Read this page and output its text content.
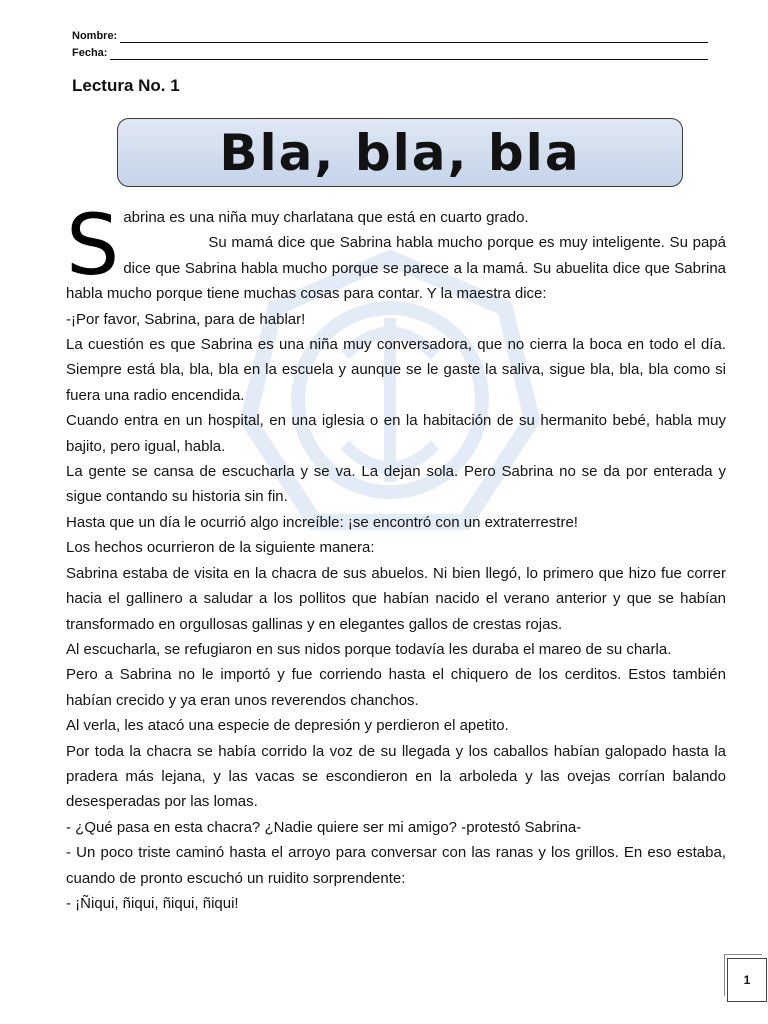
Nombre:
Fecha:
Lectura No. 1
Bla, bla, bla
S abrina es una niña muy charlatana que está en cuarto grado.

Su mamá dice que Sabrina habla mucho porque es muy inteligente. Su papá dice que Sabrina habla mucho porque se parece a la mamá. Su abuelita dice que Sabrina habla mucho porque tiene muchas cosas para contar. Y la maestra dice:

-¡Por favor, Sabrina, para de hablar!

La cuestión es que Sabrina es una niña muy conversadora, que no cierra la boca en todo el día. Siempre está bla, bla, bla en la escuela y aunque se le gaste la saliva, sigue bla, bla, bla como si fuera una radio encendida.

Cuando entra en un hospital, en una iglesia o en la habitación de su hermanito bebé, habla muy bajito, pero igual, habla.

La gente se cansa de escucharla y se va. La dejan sola. Pero Sabrina no se da por enterada y sigue contando su historia sin fin.

Hasta que un día le ocurrió algo increíble: ¡se encontró con un extraterrestre!

Los hechos ocurrieron de la siguiente manera:

Sabrina estaba de visita en la chacra de sus abuelos. Ni bien llegó, lo primero que hizo fue correr hacia el gallinero a saludar a los pollitos que habían nacido el verano anterior y que se habían transformado en orgullosas gallinas y en elegantes gallos de crestas rojas.

Al escucharla, se refugiaron en sus nidos porque todavía les duraba el mareo de su charla.

Pero a Sabrina no le importó y fue corriendo hasta el chiquero de los cerditos. Estos también habían crecido y ya eran unos reverendos chanchos.

Al verla, les atacó una especie de depresión y perdieron el apetito.

Por toda la chacra se había corrido la voz de su llegada y los caballos habían galopado hasta la pradera más lejana, y las vacas se escondieron en la arboleda y las ovejas corrían balando desesperadas por las lomas.

- ¿Qué pasa en esta chacra? ¿Nadie quiere ser mi amigo? -protestó Sabrina-

- Un poco triste caminó hasta el arroyo para conversar con las ranas y los grillos. En eso estaba, cuando de pronto escuchó un ruidito sorprendente:

- ¡Ñiqui, ñiqui, ñiqui, ñiqui!

1
